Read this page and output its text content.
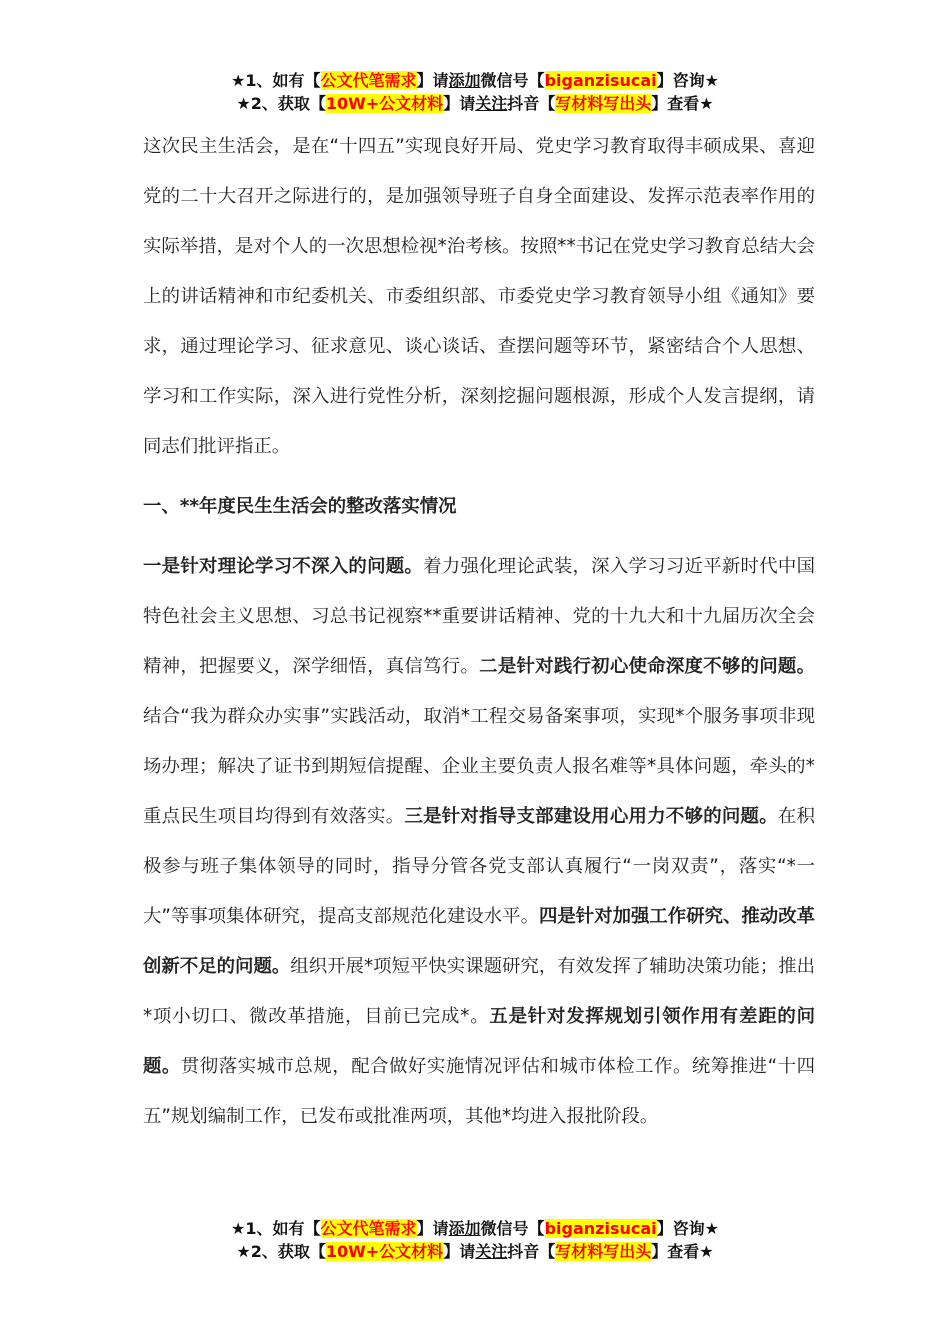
★1、如有【公文代笔需求】请添加微信号【biganzisucai】咨询★
★2、获取【10W+公文材料】请关注抖音【写材料写出头】查看★

这次民主生活会，是在“十四五”实现良好开局、党史学习教育取得丰硕成果、喜迎党的二十大召开之际进行的，是加强领导班子自身全面建设、发挥示范表率作用的实际举措，是对个人的一次思想检视*治考核。按照**书记在党史学习教育总结大会上的讲话精神和市纪委机关、市委组织部、市委党史学习教育领导小组《通知》要求，通过理论学习、征求意见、谈心谈话、查摆问题等环节，紧密结合个人思想、学习和工作实际，深入进行党性分析，深刻挖掘问题根源，形成个人发言提纲，请同志们批评指正。

一、**年度民生生活会的整改落实情况

一是针对理论学习不深入的问题。着力强化理论武装，深入学习习近平新时代中国特色社会主义思想、习总书记视察**重要讲话精神、党的十九大和十九届历次全会精神，把握要义，深学细悟，真信笃行。二是针对践行初心使命深度不够的问题。结合“我为群众办实事”实践活动，取消*工程交易备案事项，实现*个服务事项非现场办理；解决了证书到期短信提醒、企业主要负责人报名难等*具体问题，牵头的*重点民生项目均得到有效落实。三是针对指导支部建设用心用力不够的问题。在积极参与班子集体领导的同时，指导分管各党支部认真履行“一岗双责”，落实“*一大”等事项集体研究，提高支部规范化建设水平。四是针对加强工作研究、推动改革创新不足的问题。组织开展*项短平快实课题研究，有效发挥了辅助决策功能；推出*项小切口、微改革措施，目前已完成*。五是针对发挥规划引领作用有差距的问题。贯彻落实城市总规，配合做好实施情况评估和城市体检工作。统筹推进“十四五”规划编制工作，已发布或批准两项，其他*均进入报批阶段。

★1、如有【公文代笔需求】请添加微信号【biganzisucai】咨询★
★2、获取【10W+公文材料】请关注抖音【写材料写出头】查看★
